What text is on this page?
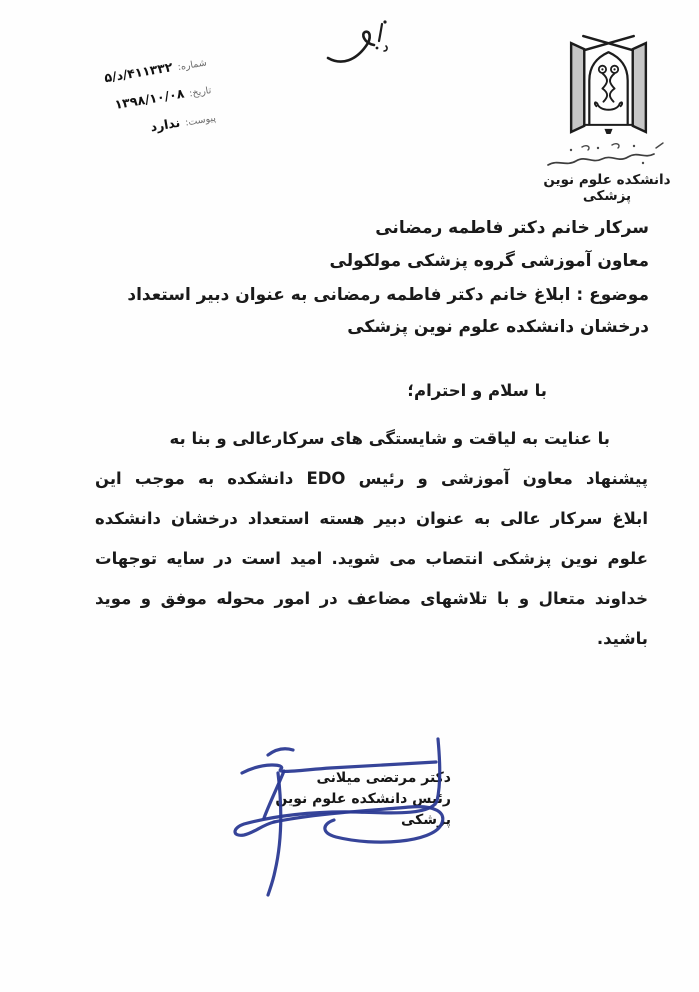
شماره: ۴۱۱۳۳۲/د/۵
تاریخ: ۱۳۹۸/۱۰/۰۸
پیوست: ندارد
دانشکده علوم نوین پزشکی
سرکار خانم دکتر فاطمه رمضانی
معاون آموزشی گروه پزشکی مولکولی
موضوع : ابلاغ خانم دکتر فاطمه رمضانی به عنوان دبیر استعداد
درخشان دانشکده علوم نوین پزشکی
با سلام و احترام؛
با عنایت به لیاقت و شایستگی های سرکارعالی و بنا به
پیشنهاد معاون آموزشی و رئیس EDO دانشکده به موجب این
ابلاغ سرکار عالی به عنوان دبیر هسته استعداد درخشان دانشکده
علوم نوین پزشکی انتصاب می شوید. امید است در سایه توجهات
خداوند متعال و با تلاشهای مضاعف در امور محوله موفق و موید
باشید.
دکتر مرتضی میلانی
رئیس دانشکده علوم نوین پزشکی
